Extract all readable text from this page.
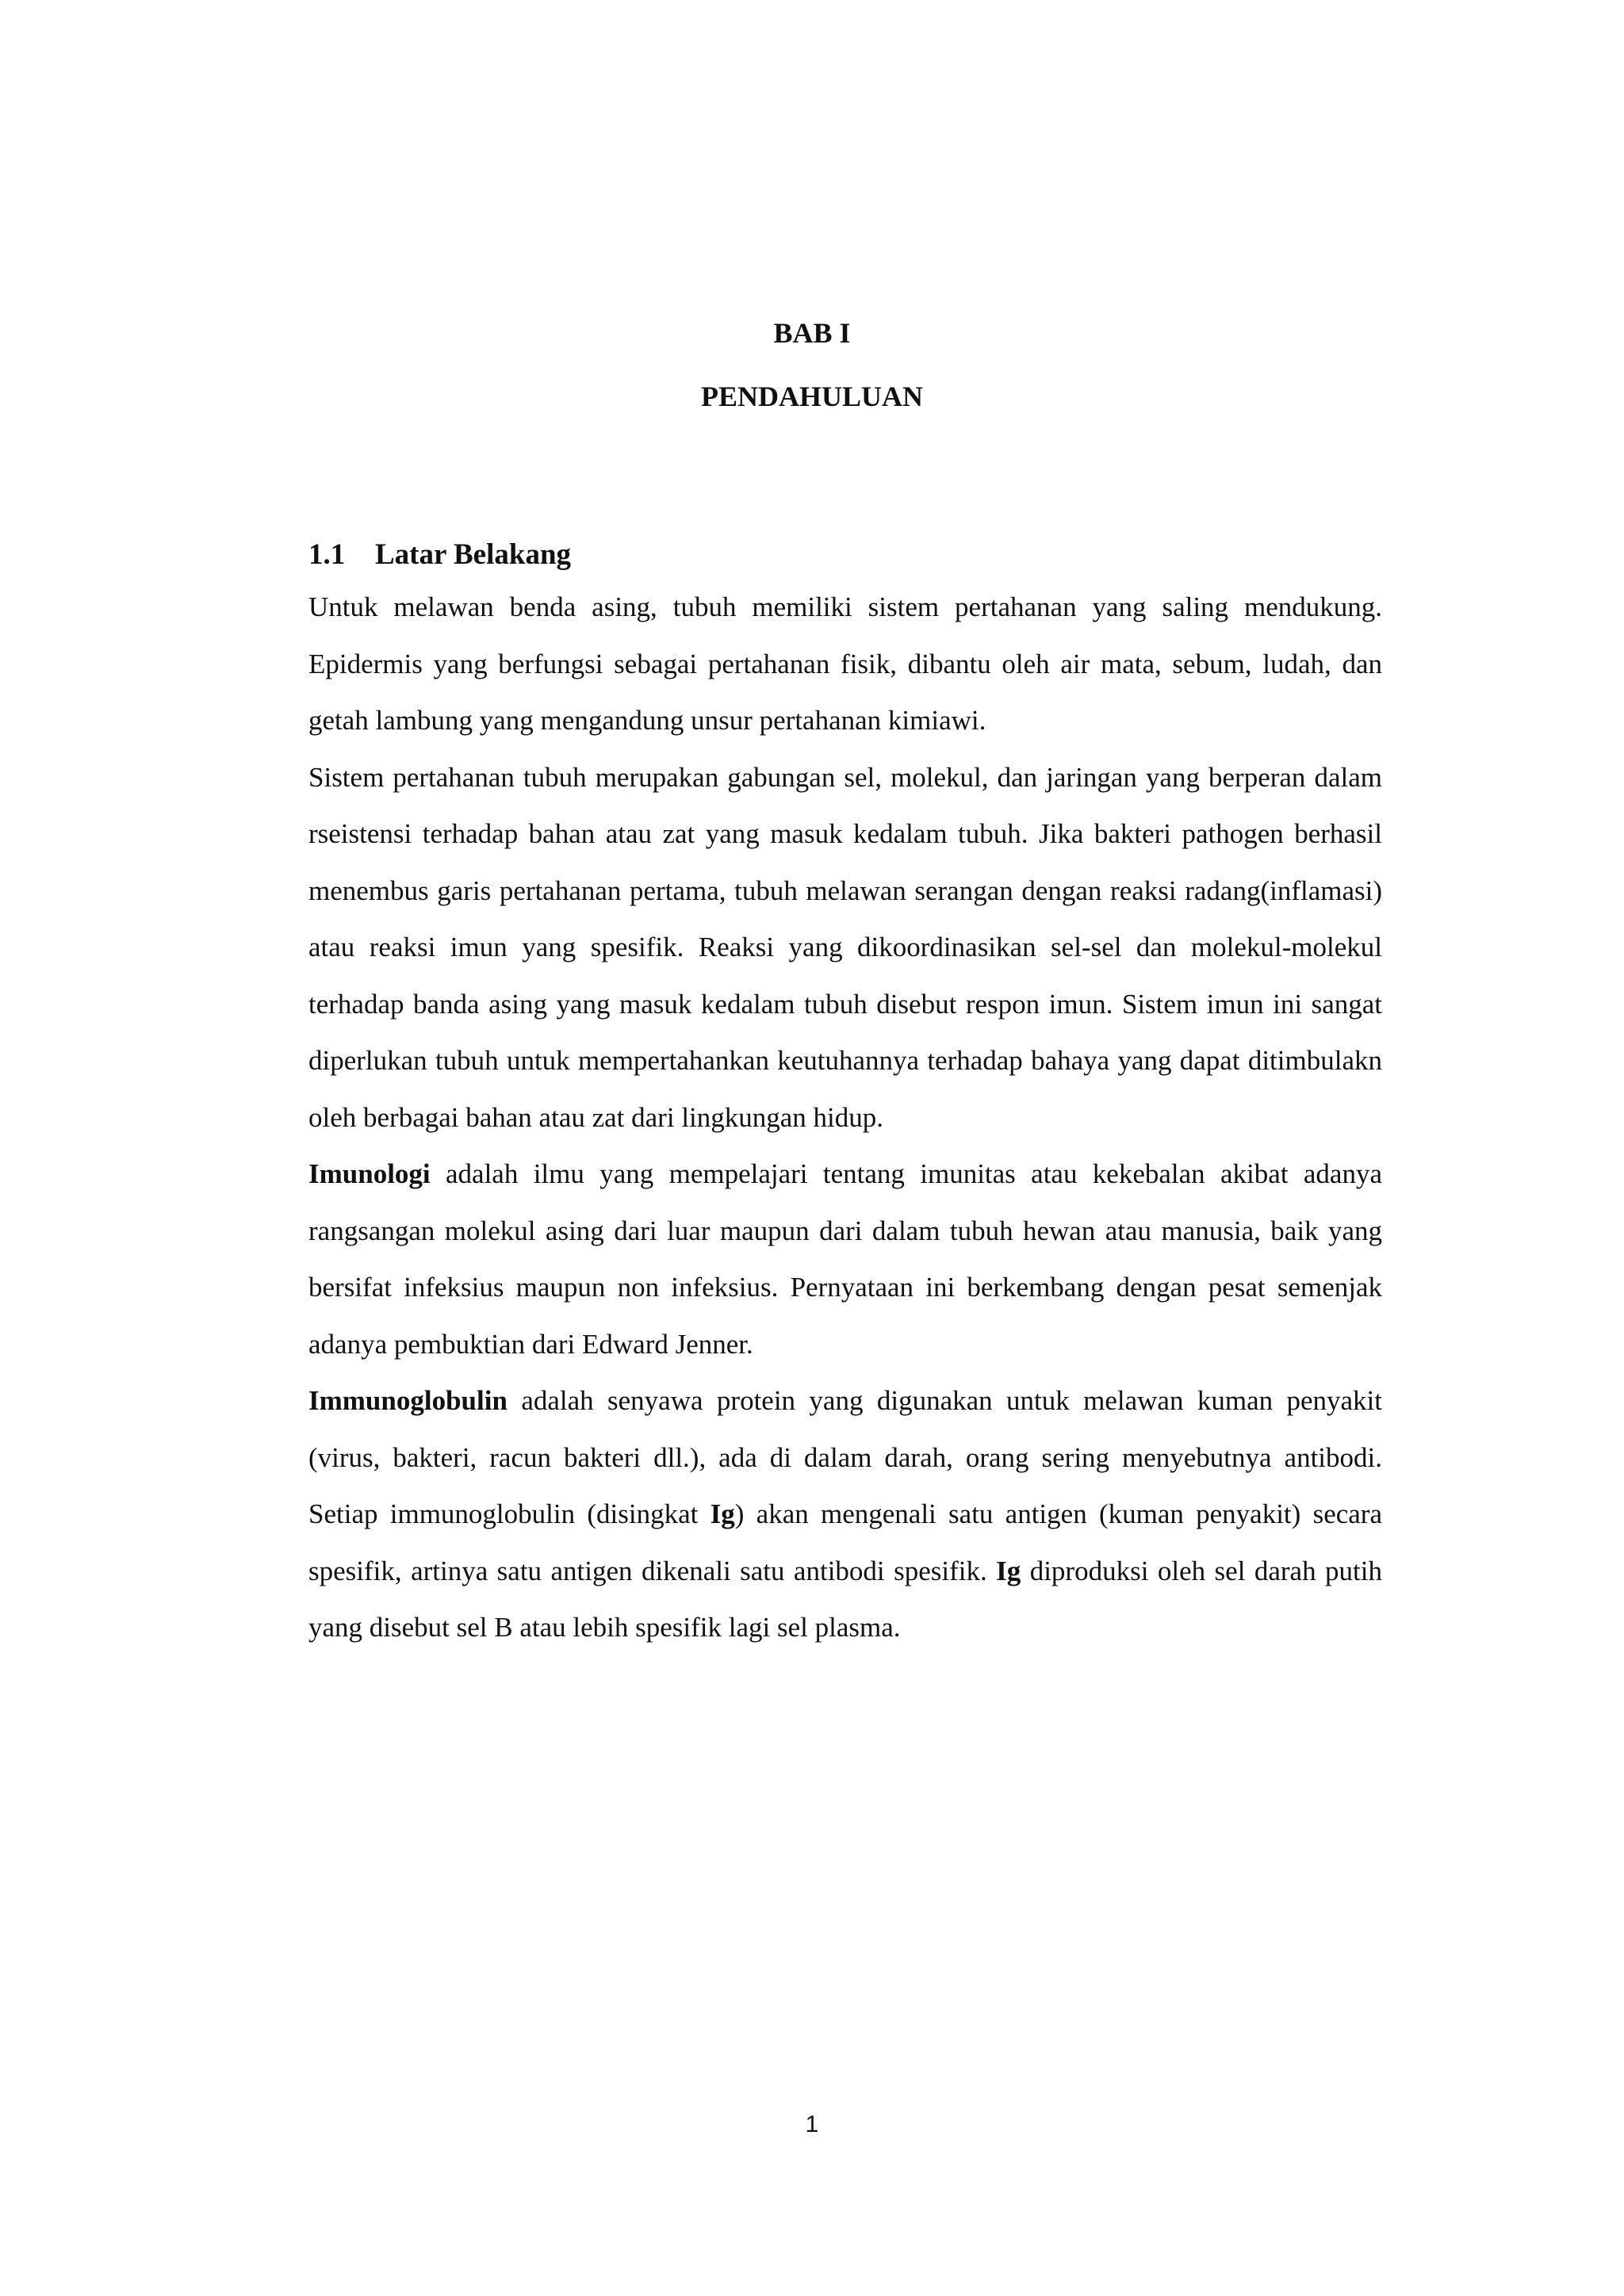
BAB I
PENDAHULUAN
1.1 Latar Belakang

Untuk melawan benda asing, tubuh memiliki sistem pertahanan yang saling mendukung. Epidermis yang berfungsi sebagai pertahanan fisik, dibantu oleh air mata, sebum, ludah, dan getah lambung yang mengandung unsur pertahanan kimiawi.

Sistem pertahanan tubuh merupakan gabungan sel, molekul, dan jaringan yang berperan dalam rseistensi terhadap bahan atau zat yang masuk kedalam tubuh. Jika bakteri pathogen berhasil menembus garis pertahanan pertama, tubuh melawan serangan dengan reaksi radang(inflamasi) atau reaksi imun yang spesifik. Reaksi yang dikoordinasikan sel-sel dan molekul-molekul terhadap banda asing yang masuk kedalam tubuh disebut respon imun. Sistem imun ini sangat diperlukan tubuh untuk mempertahankan keutuhannya terhadap bahaya yang dapat ditimbulakn oleh berbagai bahan atau zat dari lingkungan hidup.

Imunologi adalah ilmu yang mempelajari tentang imunitas atau kekebalan akibat adanya rangsangan molekul asing dari luar maupun dari dalam tubuh hewan atau manusia, baik yang bersifat infeksius maupun non infeksius. Pernyataan ini berkembang dengan pesat semenjak adanya pembuktian dari Edward Jenner.

Immunoglobulin adalah senyawa protein yang digunakan untuk melawan kuman penyakit (virus, bakteri, racun bakteri dll.), ada di dalam darah, orang sering menyebutnya antibodi. Setiap immunoglobulin (disingkat Ig) akan mengenali satu antigen (kuman penyakit) secara spesifik, artinya satu antigen dikenali satu antibodi spesifik. Ig diproduksi oleh sel darah putih yang disebut sel B atau lebih spesifik lagi sel plasma.

1
